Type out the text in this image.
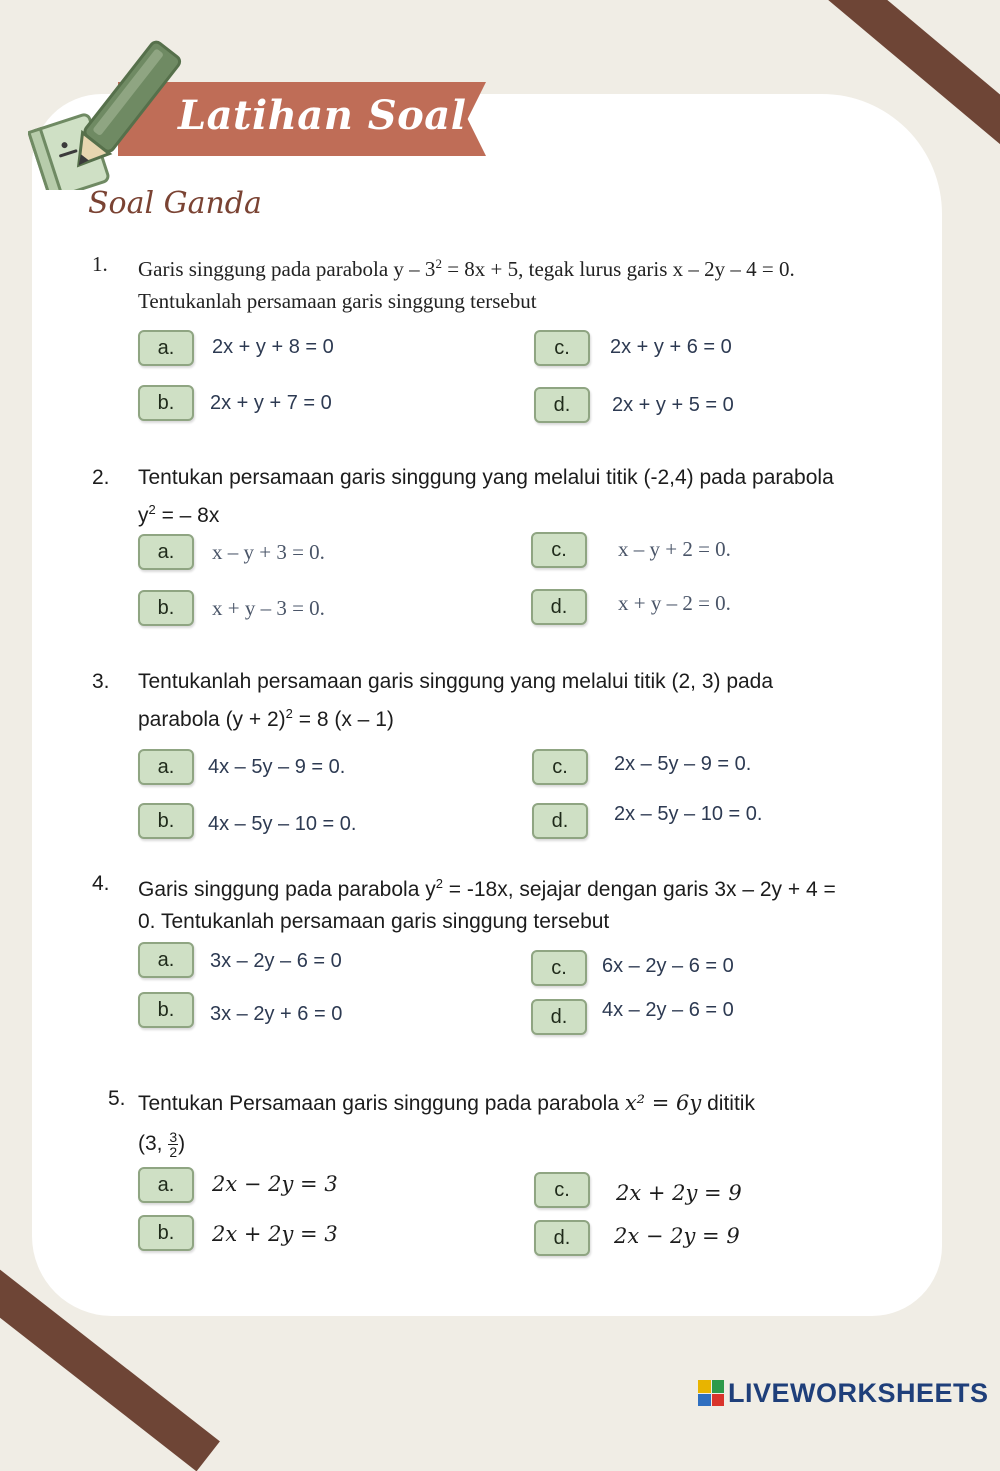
Latihan Soal
Soal Ganda
1. Garis singgung pada parabola $y - 3^2 = 8x + 5$, tegak lurus garis x – 2y – 4 = 0. Tentukanlah persamaan garis singgung tersebut
a.	2x + y + 8 = 0
b.	2x + y + 7 = 0
c.	2x + y + 6 = 0
d.	2x + y + 5 = 0
2. Tentukan persamaan garis singgung yang melalui titik (-2,4) pada parabola $y^2$ = – 8x
a.	x – y + 3 = 0.
b.	x + y – 3 = 0.
c.	x – y + 2 = 0.
d.	x + y – 2 = 0.
3. Tentukanlah persamaan garis singgung yang melalui titik (2, 3) pada parabola $(y + 2)^2 = 8$ (x – 1)
a.	4x – 5y – 9 = 0.
b.	4x – 5y – 10 = 0.
c.	2x – 5y – 9 = 0.
d.	2x – 5y – 10 = 0.
4. Garis singgung pada parabola $y^2 = -18x$, sejajar dengan garis 3x – 2y + 4 = 0. Tentukanlah persamaan garis singgung tersebut
a.	3x – 2y – 6 = 0
b.	3x – 2y + 6 = 0
c.	6x – 2y – 6 = 0
d.	4x – 2y – 6 = 0
5. Tentukan Persamaan garis singgung pada parabola x² = 6y dititik
(3, $\frac{3}{2}$ )
a.	2x − 2y = 3
b.	2x + 2y = 3
c.	2x + 2y = 9
d.	2x − 2y = 9
LIVEWORKSHEETS
